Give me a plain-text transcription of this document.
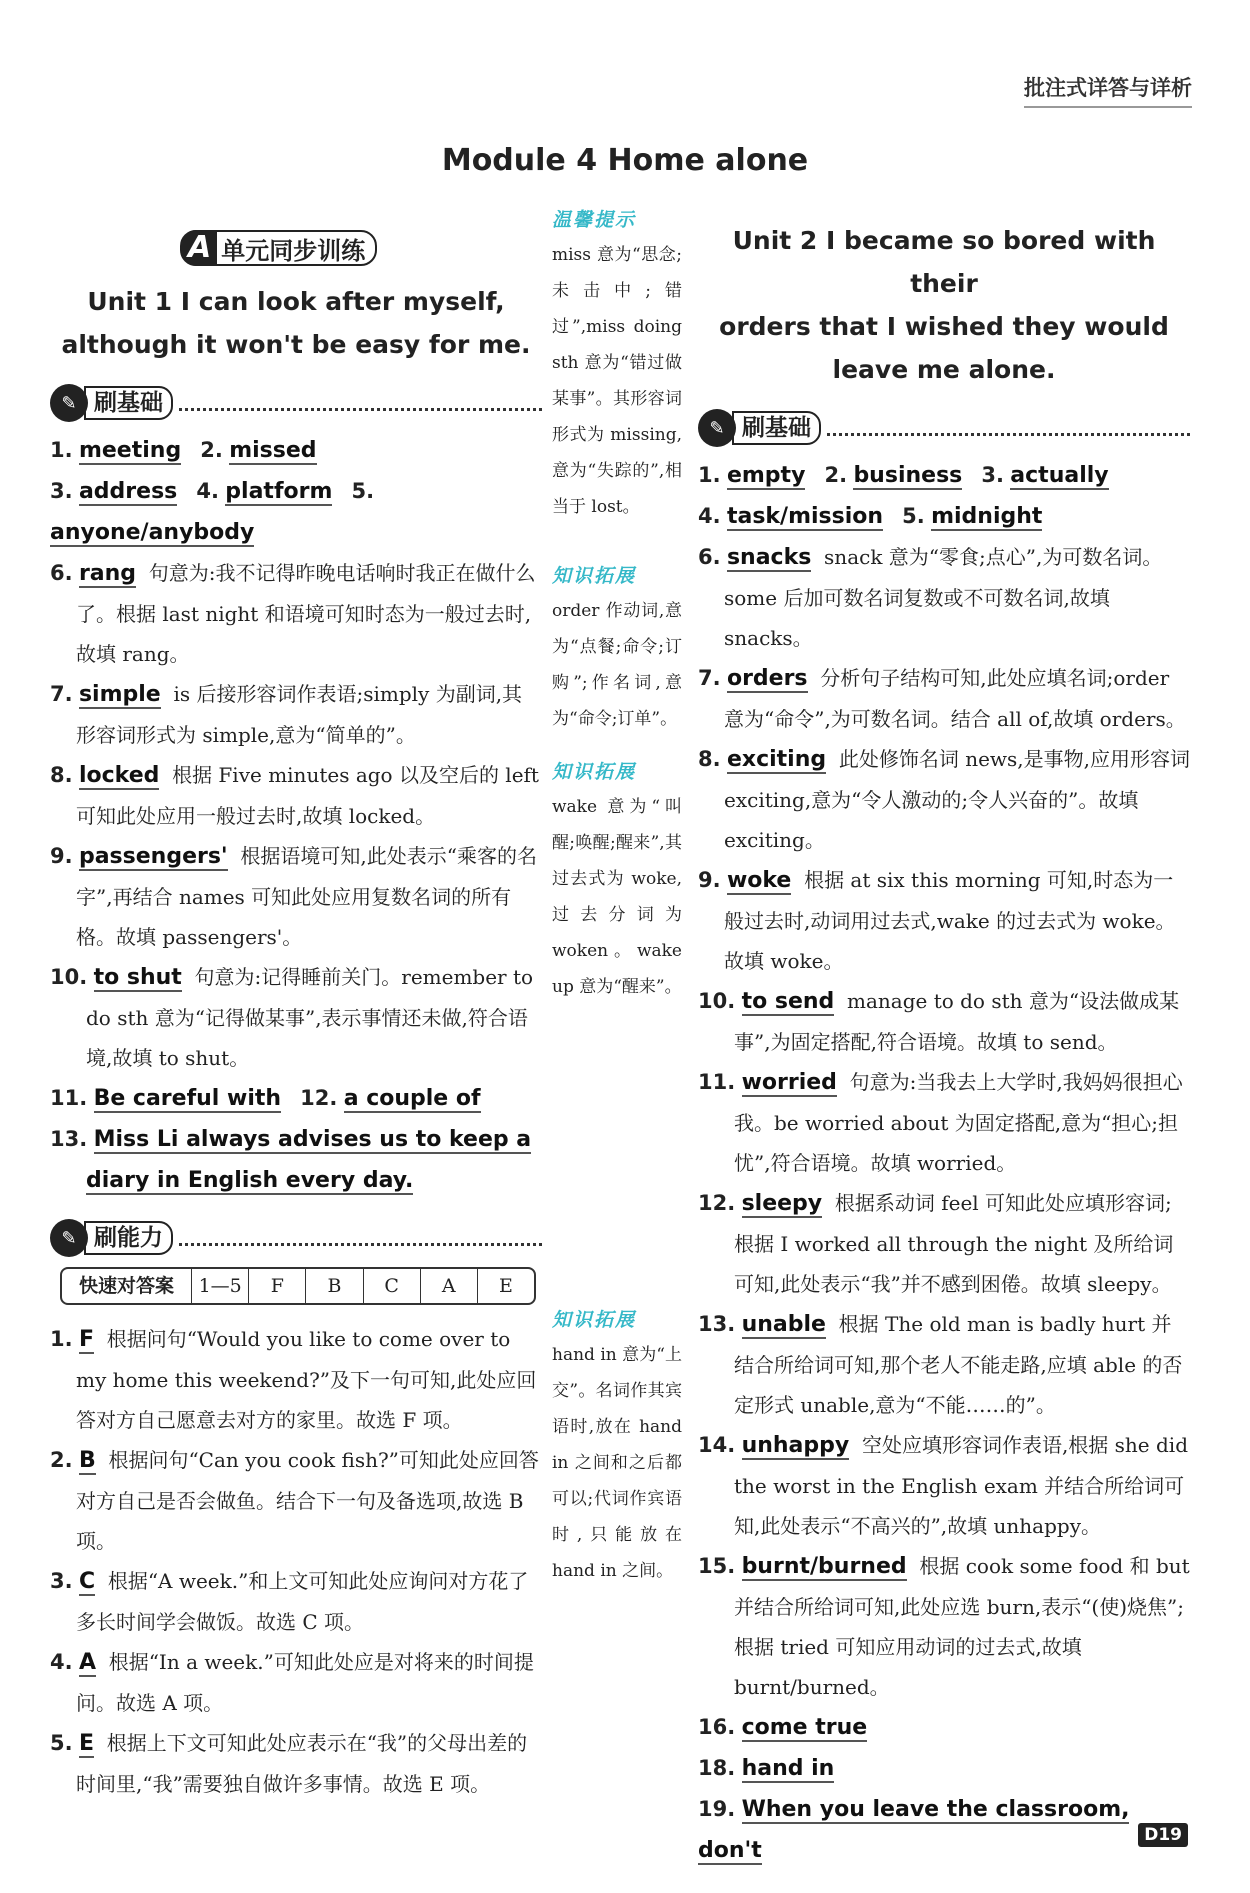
批注式详答与详析
Module 4 Home alone
A 单元同步训练
Unit 1 I can look after myself,
although it won't be easy for me.
✎ 刷基础
1. meeting 2. missed
3. address 4. platform 5. anyone/anybody
6. rang 句意为:我不记得昨晚电话响时我正在做什么了。根据 last night 和语境可知时态为一般过去时,故填 rang。
7. simple is 后接形容词作表语;simply 为副词,其形容词形式为 simple,意为“简单的”。
8. locked 根据 Five minutes ago 以及空后的 left 可知此处应用一般过去时,故填 locked。
9. passengers' 根据语境可知,此处表示“乘客的名字”,再结合 names 可知此处应用复数名词的所有格。故填 passengers'。
10. to shut 句意为:记得睡前关门。remember to do sth 意为“记得做某事”,表示事情还未做,符合语境,故填 to shut。
11. Be careful with 12. a couple of
13. Miss Li always advises us to keep a diary in English every day.
✎ 刷能力
快速对答案	1—5	F	B	C	A	E
1. F 根据问句“Would you like to come over to my home this weekend?”及下一句可知,此处应回答对方自己愿意去对方的家里。故选 F 项。
2. B 根据问句“Can you cook fish?”可知此处应回答对方自己是否会做鱼。结合下一句及备选项,故选 B 项。
3. C 根据“A week.”和上文可知此处应询问对方花了多长时间学会做饭。故选 C 项。
4. A 根据“In a week.”可知此处应是对将来的时间提问。故选 A 项。
5. E 根据上下文可知此处应表示在“我”的父母出差的时间里,“我”需要独自做许多事情。故选 E 项。
温馨提示
miss 意为“思念;未击中;错过”,miss doing sth 意为“错过做某事”。其形容词形式为 missing,意为“失踪的”,相当于 lost。
知识拓展
order 作动词,意为“点餐;命令;订购”;作名词,意为“命令;订单”。
知识拓展
wake 意为“叫醒;唤醒;醒来”,其过去式为 woke,过去分词为 woken。wake up 意为“醒来”。
知识拓展
hand in 意为“上交”。名词作其宾语时,放在 hand in 之间和之后都可以;代词作宾语时,只能放在 hand in 之间。
Unit 2 I became so bored with their
orders that I wished they would
leave me alone.
✎ 刷基础
1. empty 2. business 3. actually
4. task/mission 5. midnight
6. snacks snack 意为“零食;点心”,为可数名词。some 后加可数名词复数或不可数名词,故填 snacks。
7. orders 分析句子结构可知,此处应填名词;order 意为“命令”,为可数名词。结合 all of,故填 orders。
8. exciting 此处修饰名词 news,是事物,应用形容词 exciting,意为“令人激动的;令人兴奋的”。故填 exciting。
9. woke 根据 at six this morning 可知,时态为一般过去时,动词用过去式,wake 的过去式为 woke。故填 woke。
10. to send manage to do sth 意为“设法做成某事”,为固定搭配,符合语境。故填 to send。
11. worried 句意为:当我去上大学时,我妈妈很担心我。be worried about 为固定搭配,意为“担心;担忧”,符合语境。故填 worried。
12. sleepy 根据系动词 feel 可知此处应填形容词;根据 I worked all through the night 及所给词可知,此处表示“我”并不感到困倦。故填 sleepy。
13. unable 根据 The old man is badly hurt 并结合所给词可知,那个老人不能走路,应填 able 的否定形式 unable,意为“不能……的”。
14. unhappy 空处应填形容词作表语,根据 she did the worst in the English exam 并结合所给词可知,此处表示“不高兴的”,故填 unhappy。
15. burnt/burned 根据 cook some food 和 but 并结合所给词可知,此处应选 burn,表示“(使)烧焦”;根据 tried 可知应用动词的过去式,故填 burnt/burned。
16. come true
18. hand in
19. When you leave the classroom, don't
D19
